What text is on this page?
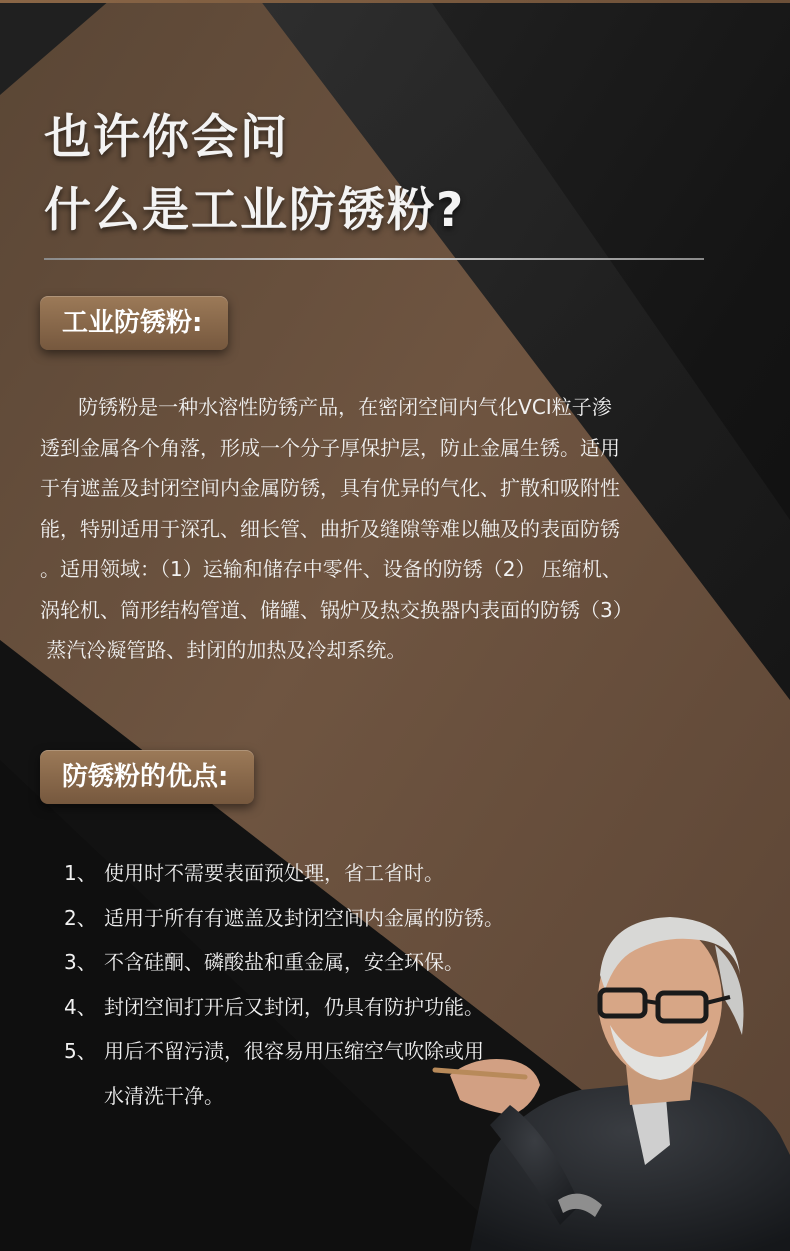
也许你会问
什么是工业防锈粉?
工业防锈粉:
防锈粉是一种水溶性防锈产品，在密闭空间内气化VCI粒子渗
透到金属各个角落，形成一个分子厚保护层，防止金属生锈。适用
于有遮盖及封闭空间内金属防锈，具有优异的气化、扩散和吸附性
能，特别适用于深孔、细长管、曲折及缝隙等难以触及的表面防锈
。适用领域：（1）运输和储存中零件、设备的防锈（2） 压缩机、
涡轮机、筒形结构管道、储罐、锅炉及热交换器内表面的防锈（3）
蒸汽冷凝管路、封闭的加热及冷却系统。
防锈粉的优点:
1、 使用时不需要表面预处理，省工省时。
2、 适用于所有有遮盖及封闭空间内金属的防锈。
3、 不含硅酮、磷酸盐和重金属，安全环保。
4、 封闭空间打开后又封闭，仍具有防护功能。
5、 用后不留污渍，很容易用压缩空气吹除或用
水清洗干净。
